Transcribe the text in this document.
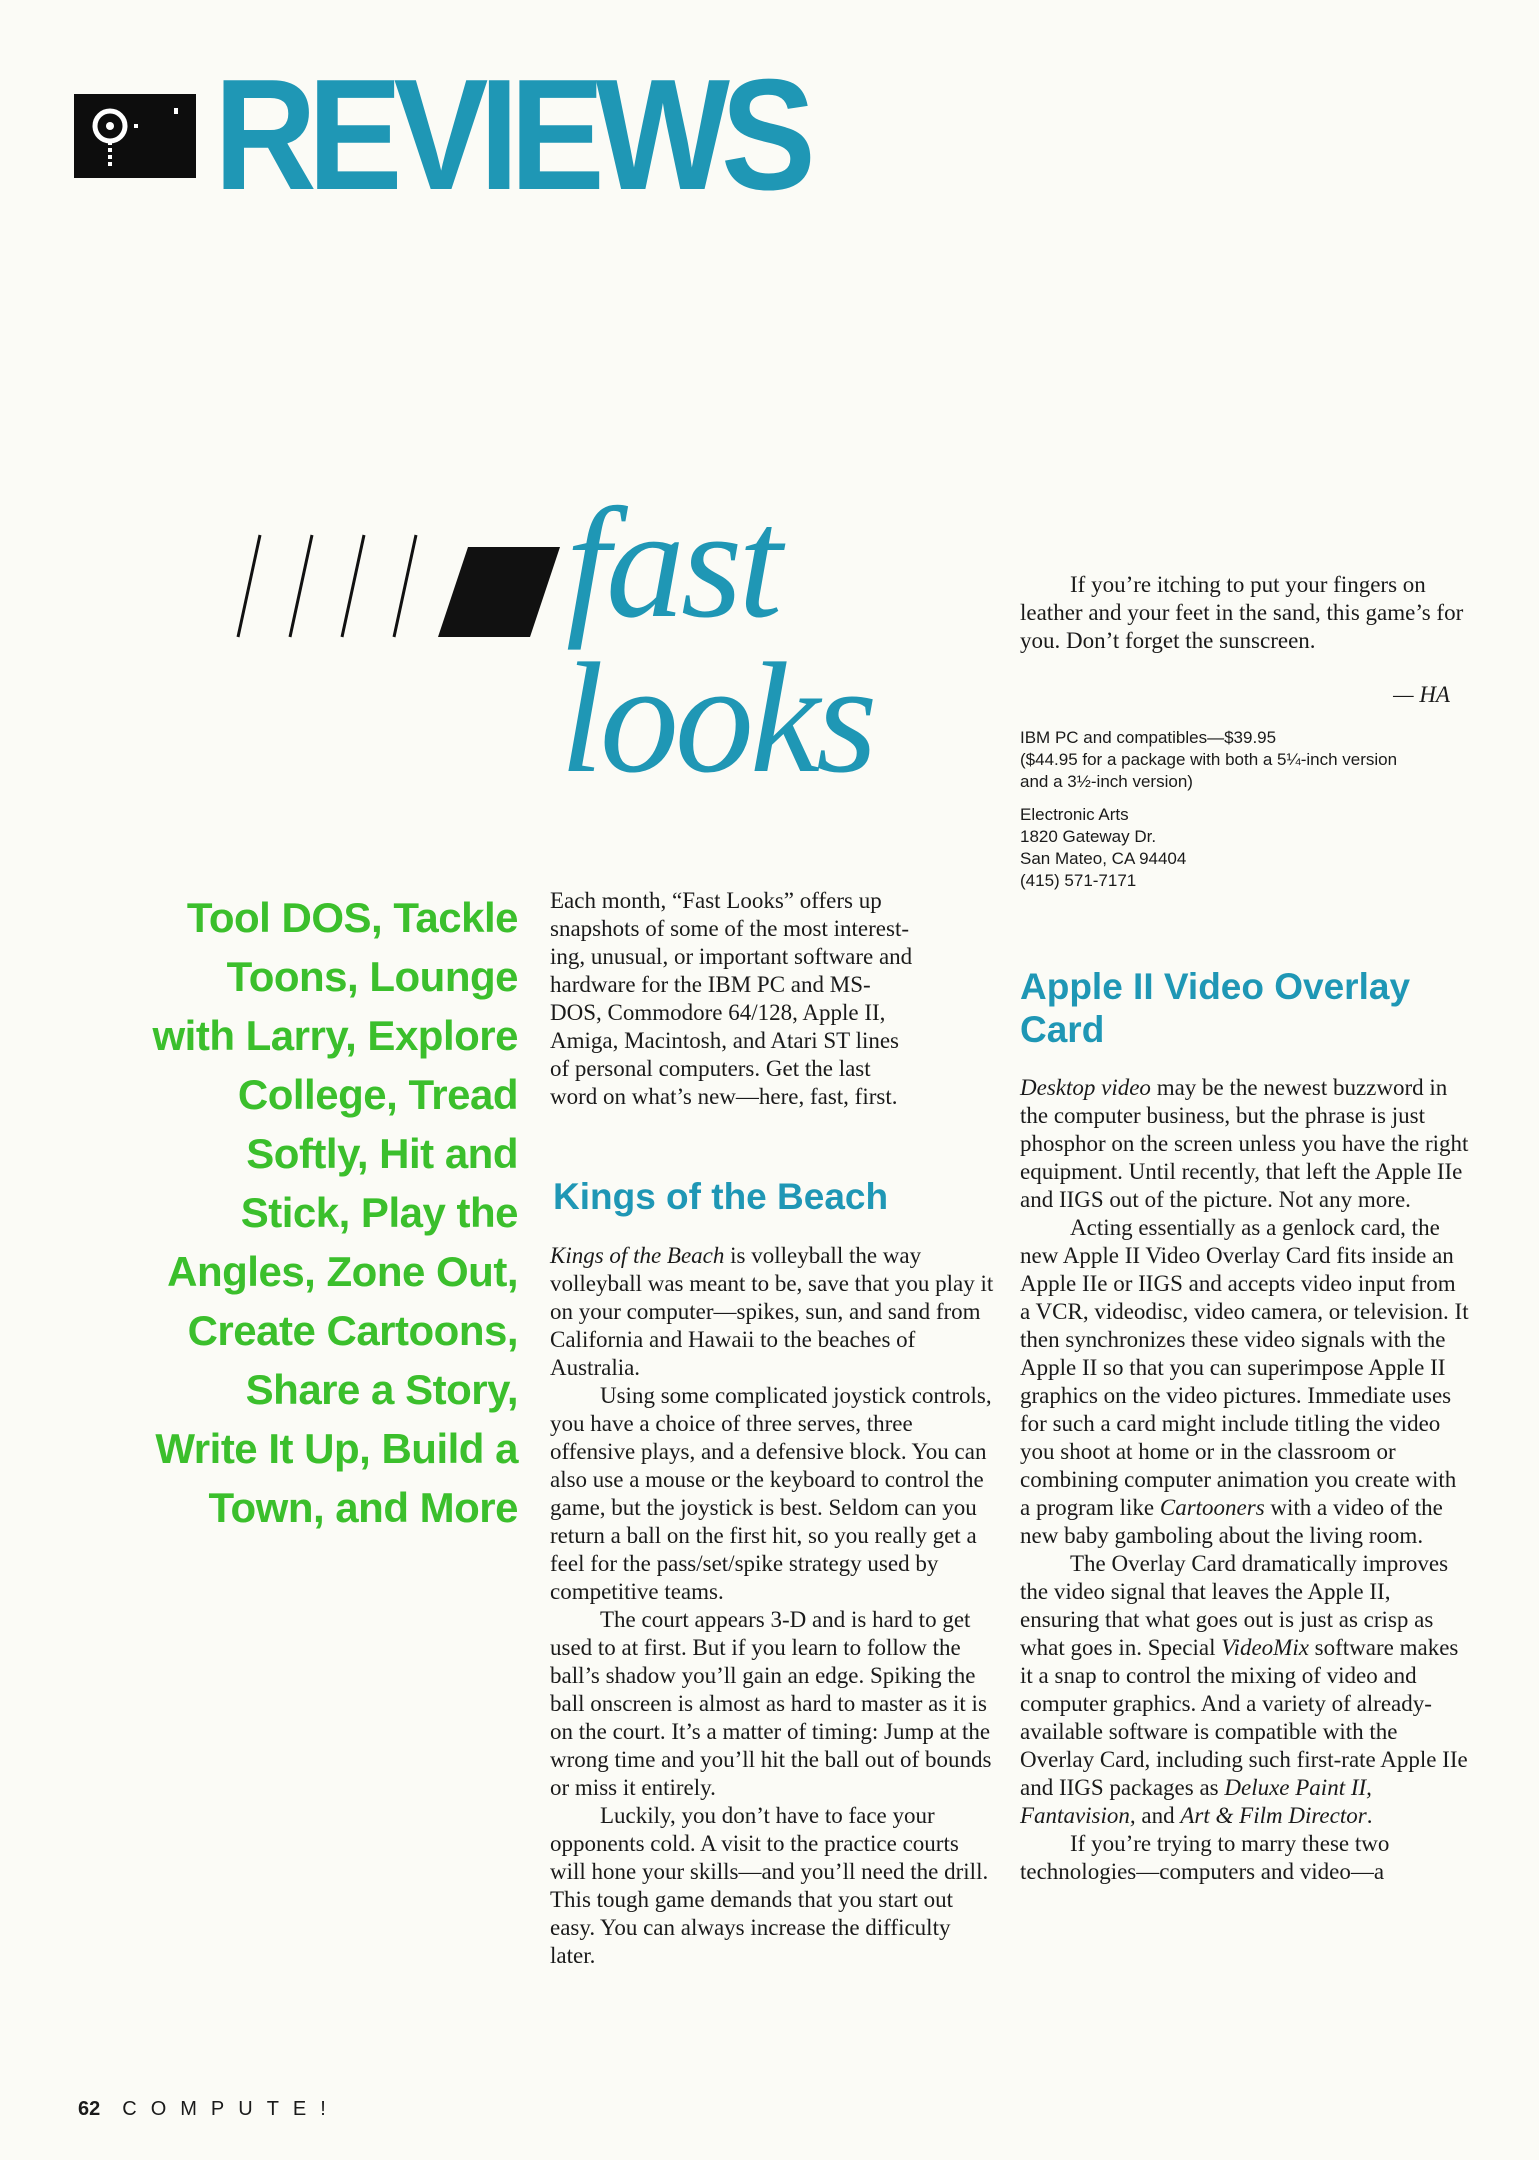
REVIEWS
fast
looks
Tool DOS, Tackle
Toons, Lounge
with Larry, Explore
College, Tread
Softly, Hit and
Stick, Play the
Angles, Zone Out,
Create Cartoons,
Share a Story,
Write It Up, Build a
Town, and More
Each month, “Fast Looks” offers up
snapshots of some of the most interest-
ing, unusual, or important software and
hardware for the IBM PC and MS-
DOS, Commodore 64/128, Apple II,
Amiga, Macintosh, and Atari ST lines
of personal computers. Get the last
word on what’s new—here, fast, first.
Kings of the Beach

Kings of the Beach is volleyball the way volleyball was meant to be, save that you play it on your computer—spikes, sun, and sand from California and Hawaii to the beaches of Australia.

Using some complicated joystick controls, you have a choice of three serves, three offensive plays, and a defensive block. You can also use a mouse or the keyboard to control the game, but the joystick is best. Seldom can you return a ball on the first hit, so you really get a feel for the pass/set/spike strategy used by competitive teams.

The court appears 3-D and is hard to get used to at first. But if you learn to follow the ball’s shadow you’ll gain an edge. Spiking the ball onscreen is almost as hard to master as it is on the court. It’s a matter of timing: Jump at the wrong time and you’ll hit the ball out of bounds or miss it entirely.

Luckily, you don’t have to face your opponents cold. A visit to the practice courts will hone your skills—and you’ll need the drill. This tough game demands that you start out easy. You can always increase the difficulty later.

If you’re itching to put your fingers on leather and your feet in the sand, this game’s for you. Don’t forget the sunscreen.

— HA
IBM PC and compatibles—$39.95
($44.95 for a package with both a 5¼-inch version
and a 3½-inch version)
Electronic Arts
1820 Gateway Dr.
San Mateo, CA 94404
(415) 571-7171
Apple II Video Overlay
Card

Desktop video may be the newest buzzword in the computer business, but the phrase is just phosphor on the screen unless you have the right equipment. Until recently, that left the Apple IIe and IIGS out of the picture. Not any more.

Acting essentially as a genlock card, the new Apple II Video Overlay Card fits inside an Apple IIe or IIGS and accepts video input from a VCR, videodisc, video camera, or television. It then synchronizes these video signals with the Apple II so that you can superimpose Apple II graphics on the video pictures. Immediate uses for such a card might include titling the video you shoot at home or in the classroom or combining computer animation you create with a program like Cartooners with a video of the new baby gamboling about the living room.

The Overlay Card dramatically improves the video signal that leaves the Apple II, ensuring that what goes out is just as crisp as what goes in. Special VideoMix software makes it a snap to control the mixing of video and computer graphics. And a variety of already-available software is compatible with the Overlay Card, including such first-rate Apple IIe and IIGS packages as Deluxe Paint II, Fantavision, and Art & Film Director.

If you’re trying to marry these two technologies—computers and video—a

62 COMPUTE!
